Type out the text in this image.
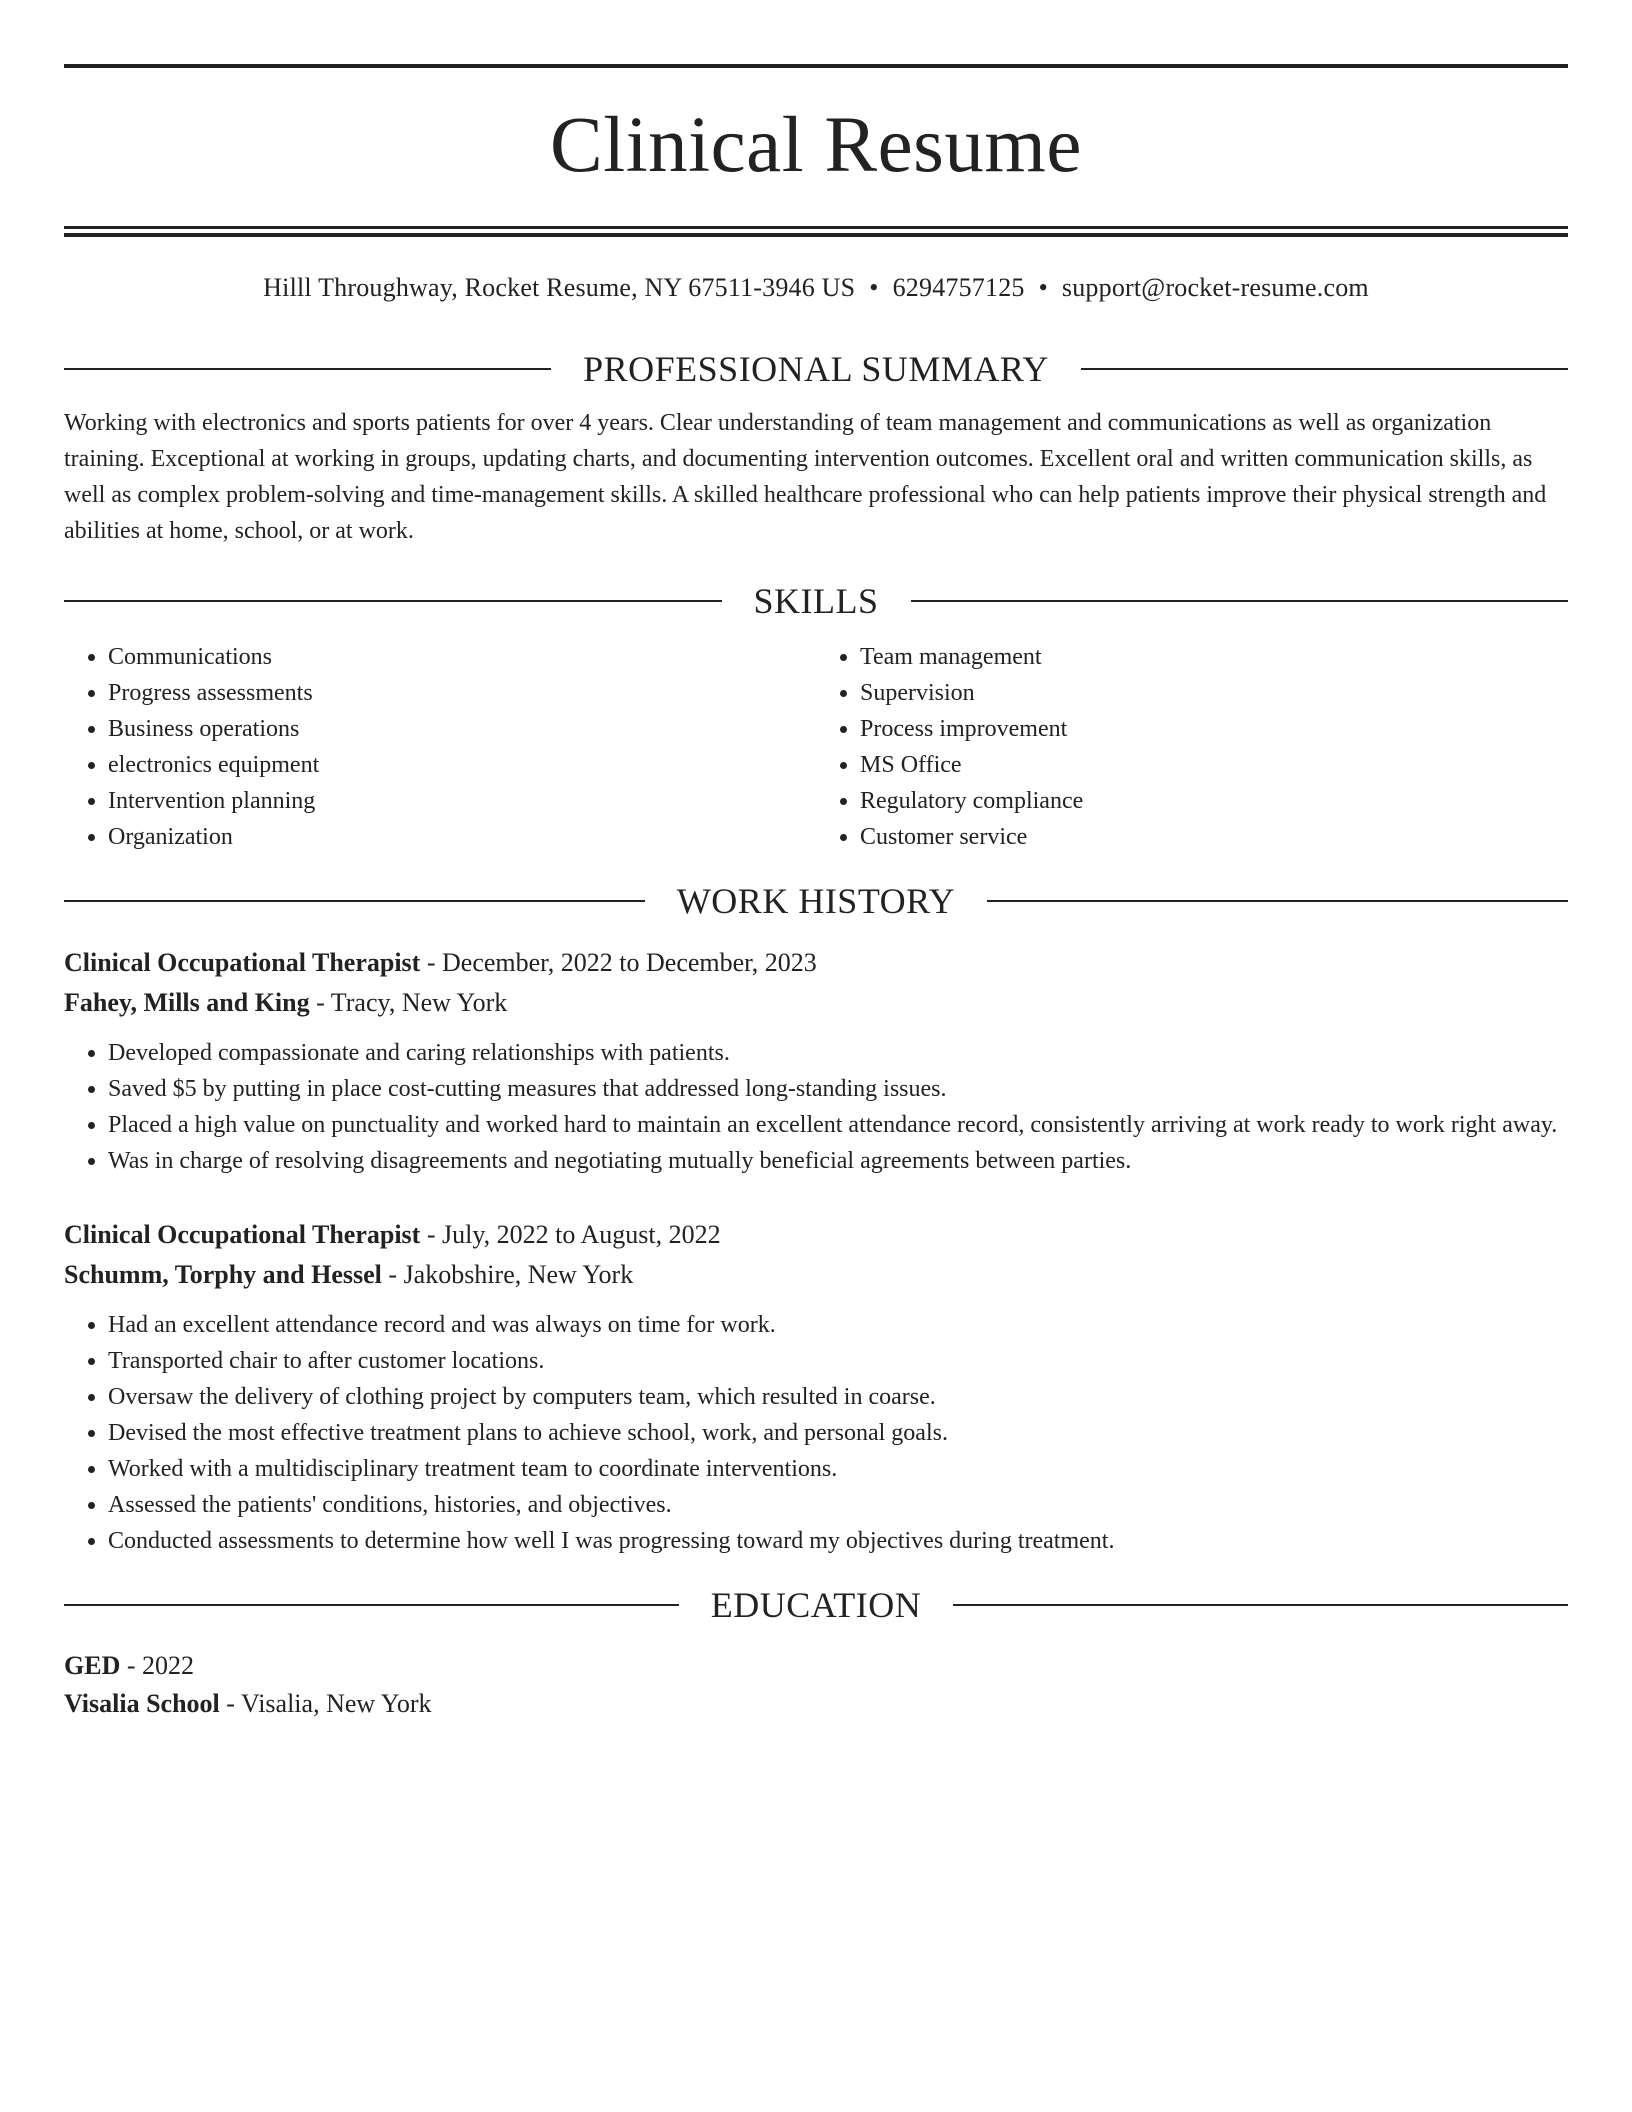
Clinical Resume
Hilll Throughway, Rocket Resume, NY 67511-3946 US • 6294757125 • support@rocket-resume.com
PROFESSIONAL SUMMARY

Working with electronics and sports patients for over 4 years. Clear understanding of team management and communications as well as organization training. Exceptional at working in groups, updating charts, and documenting intervention outcomes. Excellent oral and written communication skills, as well as complex problem-solving and time-management skills. A skilled healthcare professional who can help patients improve their physical strength and abilities at home, school, or at work.

SKILLS
• Communications
• Progress assessments
• Business operations
• electronics equipment
• Intervention planning
• Organization
• Team management
• Supervision
• Process improvement
• MS Office
• Regulatory compliance
• Customer service
WORK HISTORY
Clinical Occupational Therapist - December, 2022 to December, 2023
Fahey, Mills and King - Tracy, New York
• Developed compassionate and caring relationships with patients.
• Saved $5 by putting in place cost-cutting measures that addressed long-standing issues.
• Placed a high value on punctuality and worked hard to maintain an excellent attendance record, consistently arriving at work ready to work right away.
• Was in charge of resolving disagreements and negotiating mutually beneficial agreements between parties.
Clinical Occupational Therapist - July, 2022 to August, 2022
Schumm, Torphy and Hessel - Jakobshire, New York
• Had an excellent attendance record and was always on time for work.
• Transported chair to after customer locations.
• Oversaw the delivery of clothing project by computers team, which resulted in coarse.
• Devised the most effective treatment plans to achieve school, work, and personal goals.
• Worked with a multidisciplinary treatment team to coordinate interventions.
• Assessed the patients' conditions, histories, and objectives.
• Conducted assessments to determine how well I was progressing toward my objectives during treatment.
EDUCATION
GED - 2022
Visalia School - Visalia, New York
